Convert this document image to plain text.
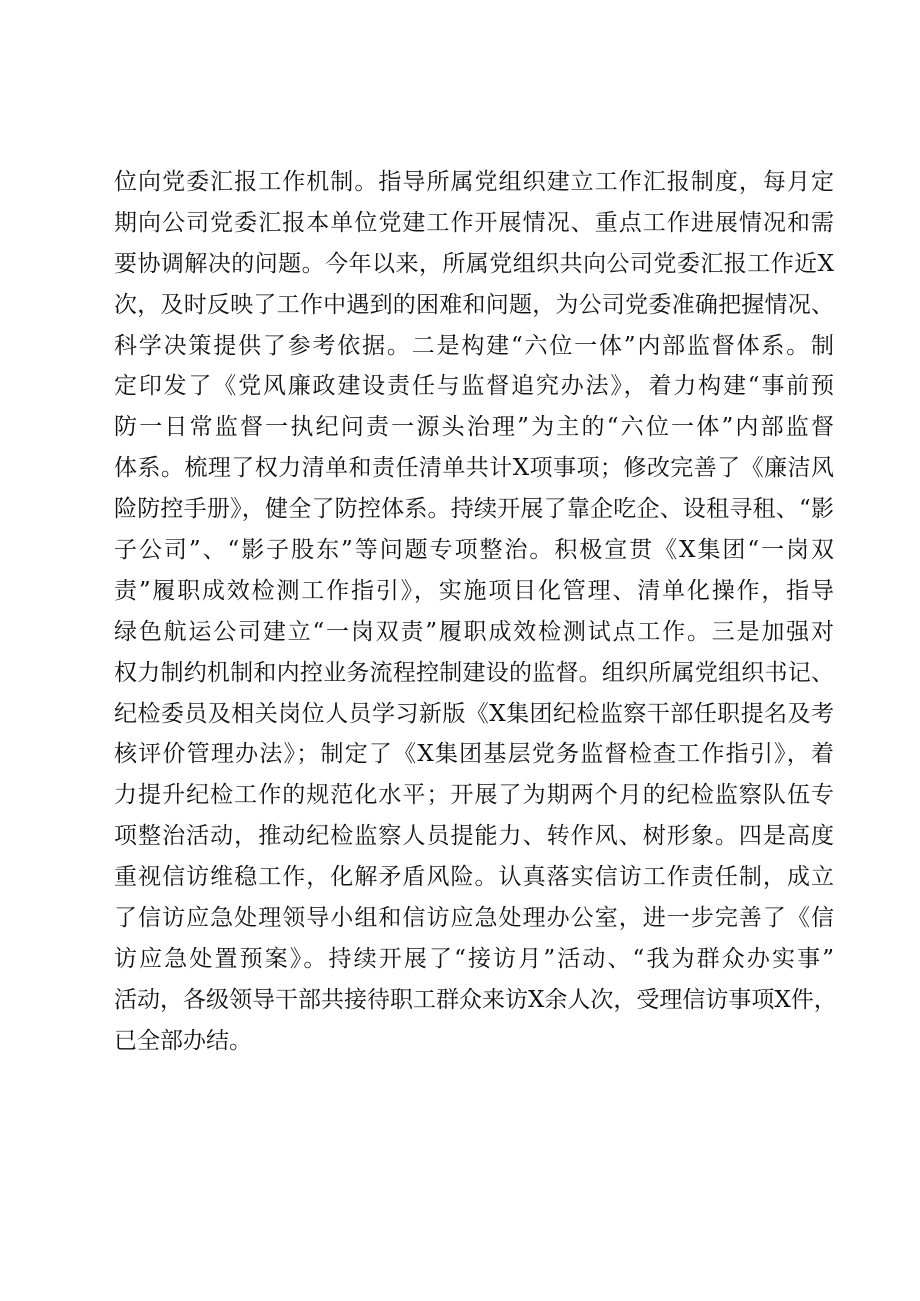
位向党委汇报工作机制。指导所属党组织建立工作汇报制度，每月定
期向公司党委汇报本单位党建工作开展情况、重点工作进展情况和需
要协调解决的问题。今年以来，所属党组织共向公司党委汇报工作近X
次，及时反映了工作中遇到的困难和问题，为公司党委准确把握情况、
科学决策提供了参考依据。二是构建“六位一体”内部监督体系。制
定印发了《党风廉政建设责任与监督追究办法》，着力构建“事前预
防一日常监督一执纪问责一源头治理”为主的“六位一体”内部监督
体系。梳理了权力清单和责任清单共计X项事项；修改完善了《廉洁风
险防控手册》，健全了防控体系。持续开展了靠企吃企、设租寻租、“影
子公司”、“影子股东”等问题专项整治。积极宣贯《X集团“一岗双
责”履职成效检测工作指引》，实施项目化管理、清单化操作，指导
绿色航运公司建立“一岗双责”履职成效检测试点工作。三是加强对
权力制约机制和内控业务流程控制建设的监督。组织所属党组织书记、
纪检委员及相关岗位人员学习新版《X集团纪检监察干部任职提名及考
核评价管理办法》；制定了《X集团基层党务监督检查工作指引》，着
力提升纪检工作的规范化水平；开展了为期两个月的纪检监察队伍专
项整治活动，推动纪检监察人员提能力、转作风、树形象。四是高度
重视信访维稳工作，化解矛盾风险。认真落实信访工作责任制，成立
了信访应急处理领导小组和信访应急处理办公室，进一步完善了《信
访应急处置预案》。持续开展了“接访月”活动、“我为群众办实事”
活动，各级领导干部共接待职工群众来访X余人次，受理信访事项X件，
已全部办结。
